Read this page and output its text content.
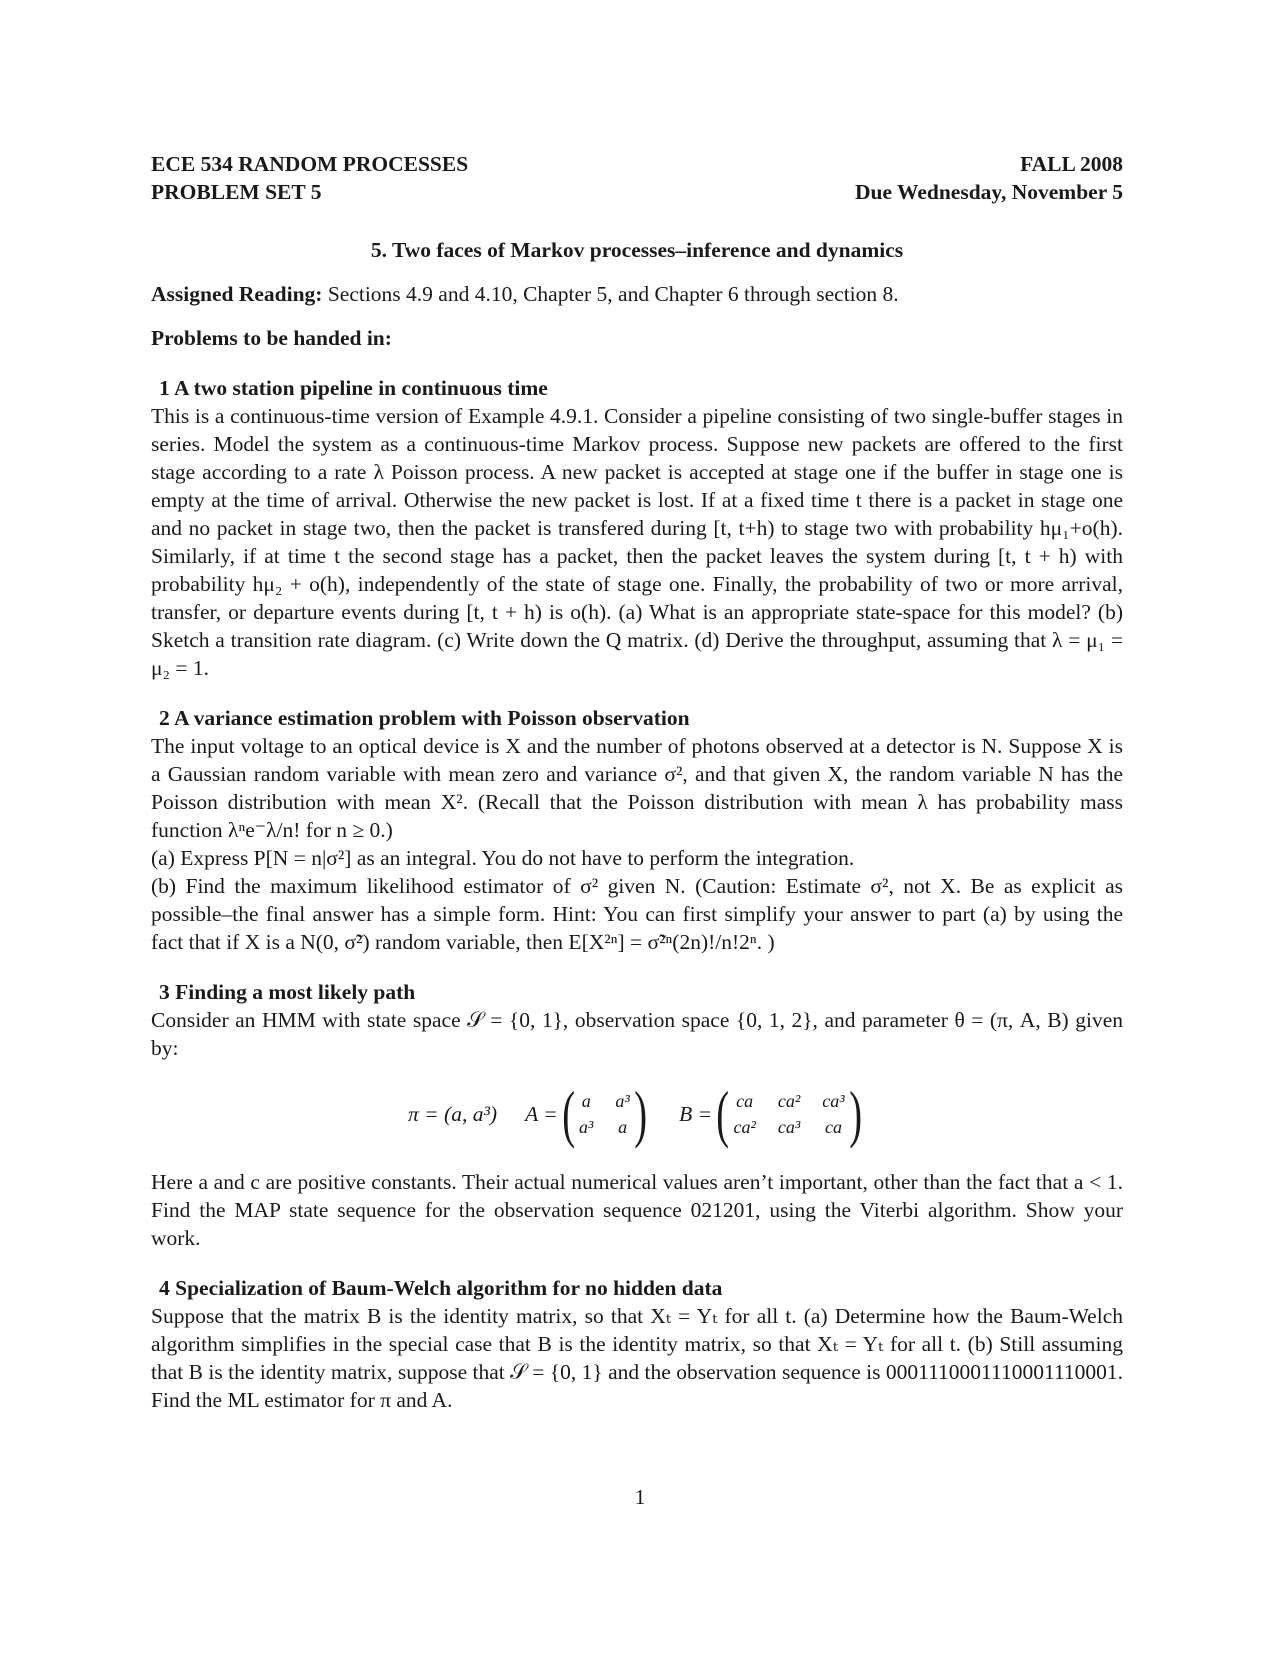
ECE 534 RANDOM PROCESSES
PROBLEM SET 5
FALL 2008
Due Wednesday, November 5
5. Two faces of Markov processes–inference and dynamics
Assigned Reading: Sections 4.9 and 4.10, Chapter 5, and Chapter 6 through section 8.
Problems to be handed in:
1 A two station pipeline in continuous time

This is a continuous-time version of Example 4.9.1. Consider a pipeline consisting of two single-buffer stages in series. Model the system as a continuous-time Markov process. Suppose new packets are offered to the first stage according to a rate λ Poisson process. A new packet is accepted at stage one if the buffer in stage one is empty at the time of arrival. Otherwise the new packet is lost. If at a fixed time t there is a packet in stage one and no packet in stage two, then the packet is transfered during [t, t+h) to stage two with probability hμ₁+o(h). Similarly, if at time t the second stage has a packet, then the packet leaves the system during [t, t + h) with probability hμ₂ + o(h), independently of the state of stage one. Finally, the probability of two or more arrival, transfer, or departure events during [t, t + h) is o(h). (a) What is an appropriate state-space for this model? (b) Sketch a transition rate diagram. (c) Write down the Q matrix. (d) Derive the throughput, assuming that λ = μ₁ = μ₂ = 1.

2 A variance estimation problem with Poisson observation

The input voltage to an optical device is X and the number of photons observed at a detector is N. Suppose X is a Gaussian random variable with mean zero and variance σ², and that given X, the random variable N has the Poisson distribution with mean X². (Recall that the Poisson distribution with mean λ has probability mass function λⁿe⁻λ/n! for n ≥ 0.)

(a) Express P[N = n|σ²] as an integral. You do not have to perform the integration.

(b) Find the maximum likelihood estimator of σ² given N. (Caution: Estimate σ², not X. Be as explicit as possible–the final answer has a simple form. Hint: You can first simplify your answer to part (a) by using the fact that if X is a N(0, σ̃²) random variable, then E[X²ⁿ] = σ̃²ⁿ(2n)!/n!2ⁿ. )

3 Finding a most likely path

Consider an HMM with state space 𝒮 = {0, 1}, observation space {0, 1, 2}, and parameter θ = (π, A, B) given by:

π = (a, a³) A = ( a a³
a³ a ) B = ( ca ca² ca³
ca² ca³ ca )

Here a and c are positive constants. Their actual numerical values aren’t important, other than the fact that a < 1. Find the MAP state sequence for the observation sequence 021201, using the Viterbi algorithm. Show your work.

4 Specialization of Baum-Welch algorithm for no hidden data

Suppose that the matrix B is the identity matrix, so that Xₜ = Yₜ for all t. (a) Determine how the Baum-Welch algorithm simplifies in the special case that B is the identity matrix, so that Xₜ = Yₜ for all t. (b) Still assuming that B is the identity matrix, suppose that 𝒮 = {0, 1} and the observation sequence is 0001110001110001110001. Find the ML estimator for π and A.

1
